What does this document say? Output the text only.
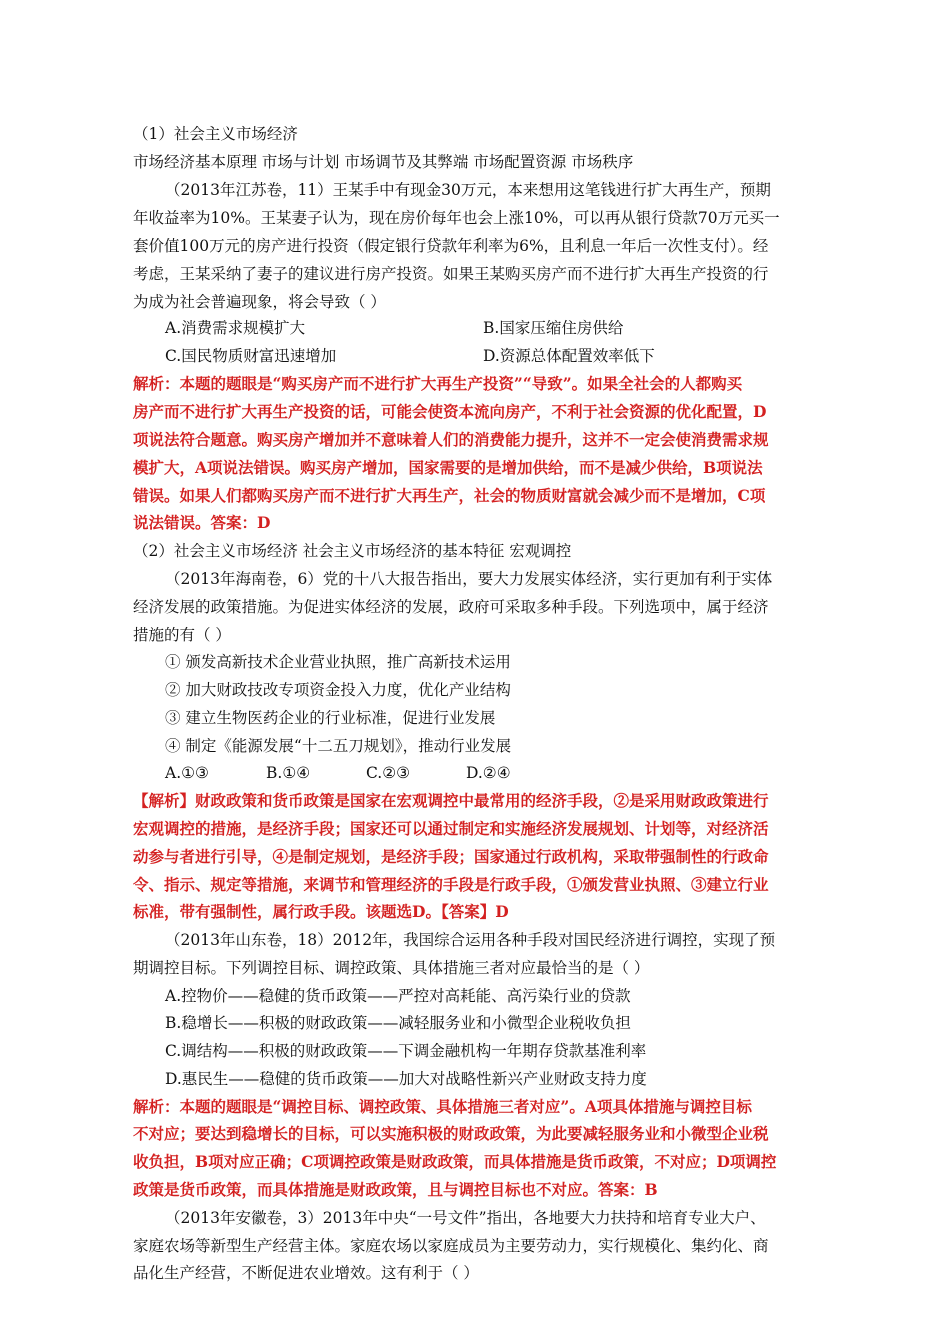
（1）社会主义市场经济
市场经济基本原理 市场与计划 市场调节及其弊端 市场配置资源 市场秩序
（2013年江苏卷，11）王某手中有现金30万元，本来想用这笔钱进行扩大再生产，预期
年收益率为10%。王某妻子认为，现在房价每年也会上涨10%，可以再从银行贷款70万元买一
套价值100万元的房产进行投资（假定银行贷款年利率为6%，且利息一年后一次性支付）。经
考虑，王某采纳了妻子的建议进行房产投资。如果王某购买房产而不进行扩大再生产投资的行
为成为社会普遍现象，将会导致（ ）
A.消费需求规模扩大	B.国家压缩住房供给
C.国民物质财富迅速增加	D.资源总体配置效率低下
解析：本题的题眼是“购买房产而不进行扩大再生产投资”“导致”。如果全社会的人都购买
房产而不进行扩大再生产投资的话，可能会使资本流向房产，不利于社会资源的优化配置，D
项说法符合题意。购买房产增加并不意味着人们的消费能力提升，这并不一定会使消费需求规
模扩大，A项说法错误。购买房产增加，国家需要的是增加供给，而不是减少供给，B项说法
错误。如果人们都购买房产而不进行扩大再生产，社会的物质财富就会减少而不是增加，C项
说法错误。答案：D
（2）社会主义市场经济 社会主义市场经济的基本特征 宏观调控
（2013年海南卷，6）党的十八大报告指出，要大力发展实体经济，实行更加有利于实体
经济发展的政策措施。为促进实体经济的发展，政府可采取多种手段。下列选项中，属于经济
措施的有（ ）
① 颁发高新技术企业营业执照，推广高新技术运用
② 加大财政技改专项资金投入力度，优化产业结构
③ 建立生物医药企业的行业标准，促进行业发展
④ 制定《能源发展“十二五刀规划》，推动行业发展
A.①③	B.①④	C.②③	D.②④
【解析】财政政策和货币政策是国家在宏观调控中最常用的经济手段，②是采用财政政策进行
宏观调控的措施，是经济手段；国家还可以通过制定和实施经济发展规划、计划等，对经济活
动参与者进行引导，④是制定规划，是经济手段；国家通过行政机构，采取带强制性的行政命
令、指示、规定等措施，来调节和管理经济的手段是行政手段，①颁发营业执照、③建立行业
标准，带有强制性，属行政手段。该题选D。【答案】D
（2013年山东卷，18）2012年，我国综合运用各种手段对国民经济进行调控，实现了预
期调控目标。下列调控目标、调控政策、具体措施三者对应最恰当的是（ ）
A.控物价——稳健的货币政策——严控对高耗能、高污染行业的贷款
B.稳增长——积极的财政政策——减轻服务业和小微型企业税收负担
C.调结构——积极的财政政策——下调金融机构一年期存贷款基准利率
D.惠民生——稳健的货币政策——加大对战略性新兴产业财政支持力度
解析：本题的题眼是“调控目标、调控政策、具体措施三者对应”。A项具体措施与调控目标
不对应；要达到稳增长的目标，可以实施积极的财政政策，为此要减轻服务业和小微型企业税
收负担，B项对应正确；C项调控政策是财政政策，而具体措施是货币政策，不对应；D项调控
政策是货币政策，而具体措施是财政政策，且与调控目标也不对应。答案：B
（2013年安徽卷，3）2013年中央“一号文件”指出，各地要大力扶持和培育专业大户、
家庭农场等新型生产经营主体。家庭农场以家庭成员为主要劳动力，实行规模化、集约化、商
品化生产经营，不断促进农业增效。这有利于（ ）
